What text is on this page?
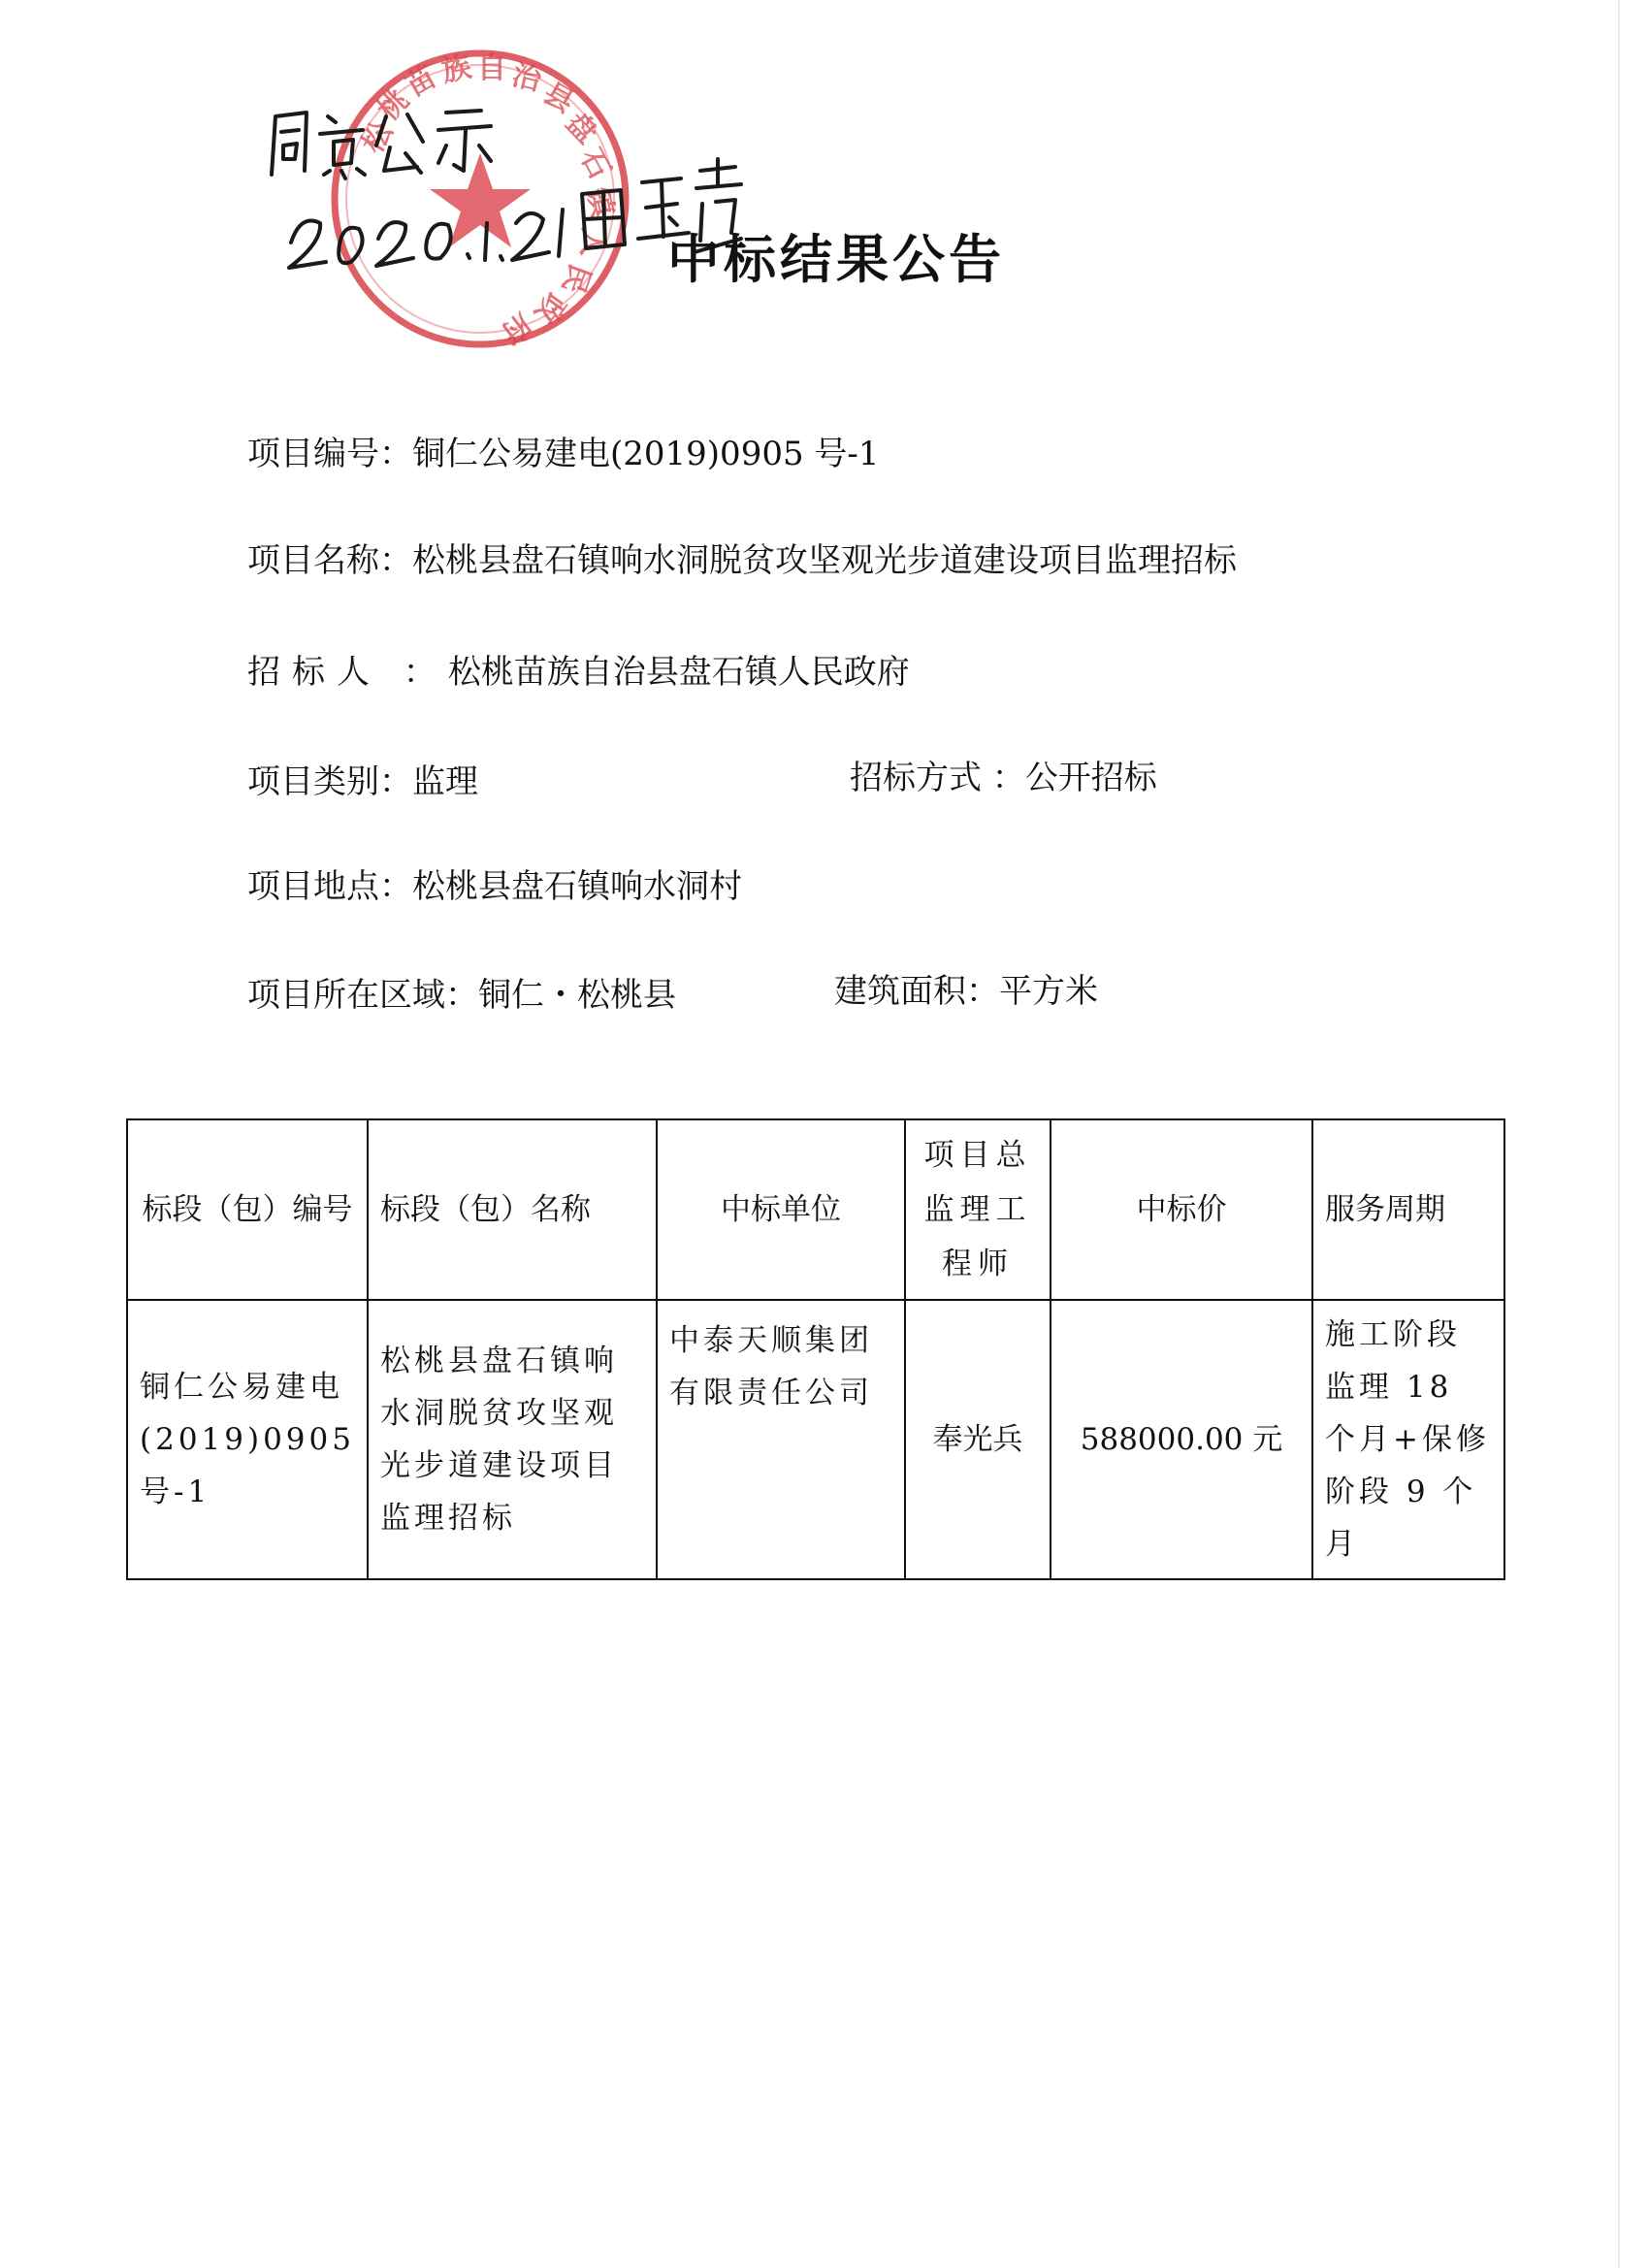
松
桃
苗
族 自 治
县
盘
石
镇
人
民
政
府
中标结果公告
项目编号：铜仁公易建电(2019)0905 号-1
项目名称：松桃县盘石镇响水洞脱贫攻坚观光步道建设项目监理招标
招标人 ：松桃苗族自治县盘石镇人民政府
项目类别：监理	招标方式 ：公开招标
项目地点：松桃县盘石镇响水洞村
项目所在区域：铜仁・松桃县	建筑面积：平方米
标段（包）编号	标段（包）名称	中标单位	项目总监理工程师	中标价	服务周期
铜仁公易建电(2019)0905 号-1	松桃县盘石镇响水洞脱贫攻坚观光步道建设项目监理招标	中泰天顺集团有限责任公司	奉光兵	588000.00 元	施工阶段监理 18 个月+保修阶段 9 个月
